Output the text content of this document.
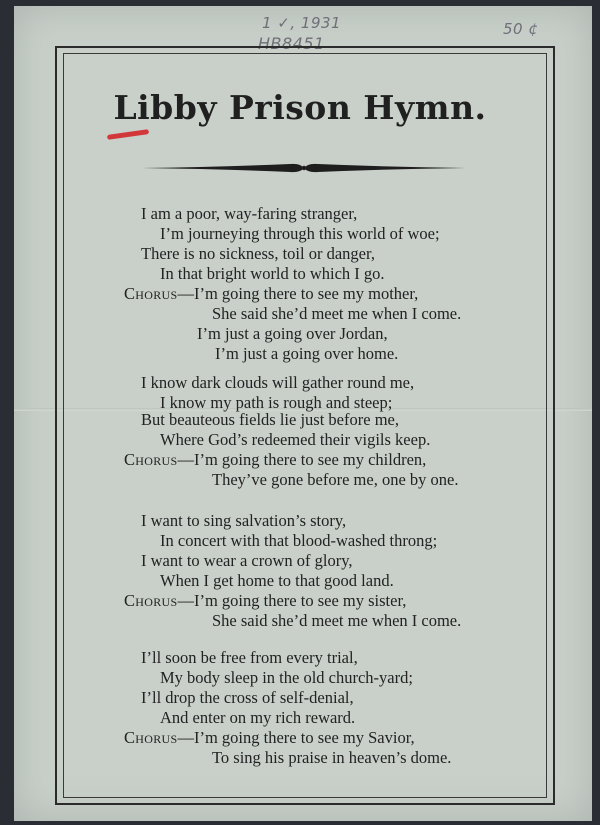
1 ✓, 1931
HB8451
50 ¢
Libby Prison Hymn.
I am a poor, way-faring stranger,
I’m journeying through this world of woe;
There is no sickness, toil or danger,
In that bright world to which I go.
Chorus—I’m going there to see my mother,
She said she’d meet me when I come.
I’m just a going over Jordan,
I’m just a going over home.
I know dark clouds will gather round me,
I know my path is rough and steep;
But beauteous fields lie just before me,
Where God’s redeemed their vigils keep.
Chorus—I’m going there to see my children,
They’ve gone before me, one by one.
I want to sing salvation’s story,
In concert with that blood-washed throng;
I want to wear a crown of glory,
When I get home to that good land.
Chorus—I’m going there to see my sister,
She said she’d meet me when I come.
I’ll soon be free from every trial,
My body sleep in the old church-yard;
I’ll drop the cross of self-denial,
And enter on my rich reward.
Chorus—I’m going there to see my Savior,
To sing his praise in heaven’s dome.
